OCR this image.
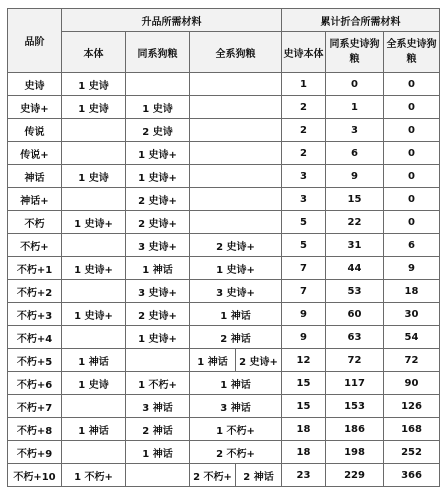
品阶	升品所需材料				累计折合所需材料		
	本体	同系狗粮	全系狗粮		史诗本体	同系史诗狗粮	全系史诗狗粮
史诗	1 史诗				1	0	0
史诗+	1 史诗	1 史诗			2	1	0
传说		2 史诗			2	3	0
传说+		1 史诗+			2	6	0
神话	1 史诗	1 史诗+			3	9	0
神话+		2 史诗+			3	15	0
不朽	1 史诗+	2 史诗+			5	22	0
不朽+		3 史诗+	2 史诗+		5	31	6
不朽+1	1 史诗+	1 神话	1 史诗+		7	44	9
不朽+2		3 史诗+	3 史诗+		7	53	18
不朽+3	1 史诗+	2 史诗+	1 神话		9	60	30
不朽+4		1 史诗+	2 神话		9	63	54
不朽+5	1 神话		1 神话	2 史诗+	12	72	72
不朽+6	1 史诗	1 不朽+	1 神话		15	117	90
不朽+7		3 神话	3 神话		15	153	126
不朽+8	1 神话	2 神话	1 不朽+		18	186	168
不朽+9		1 神话	2 不朽+		18	198	252
不朽+10	1 不朽+		2 不朽+	2 神话	23	229	366
